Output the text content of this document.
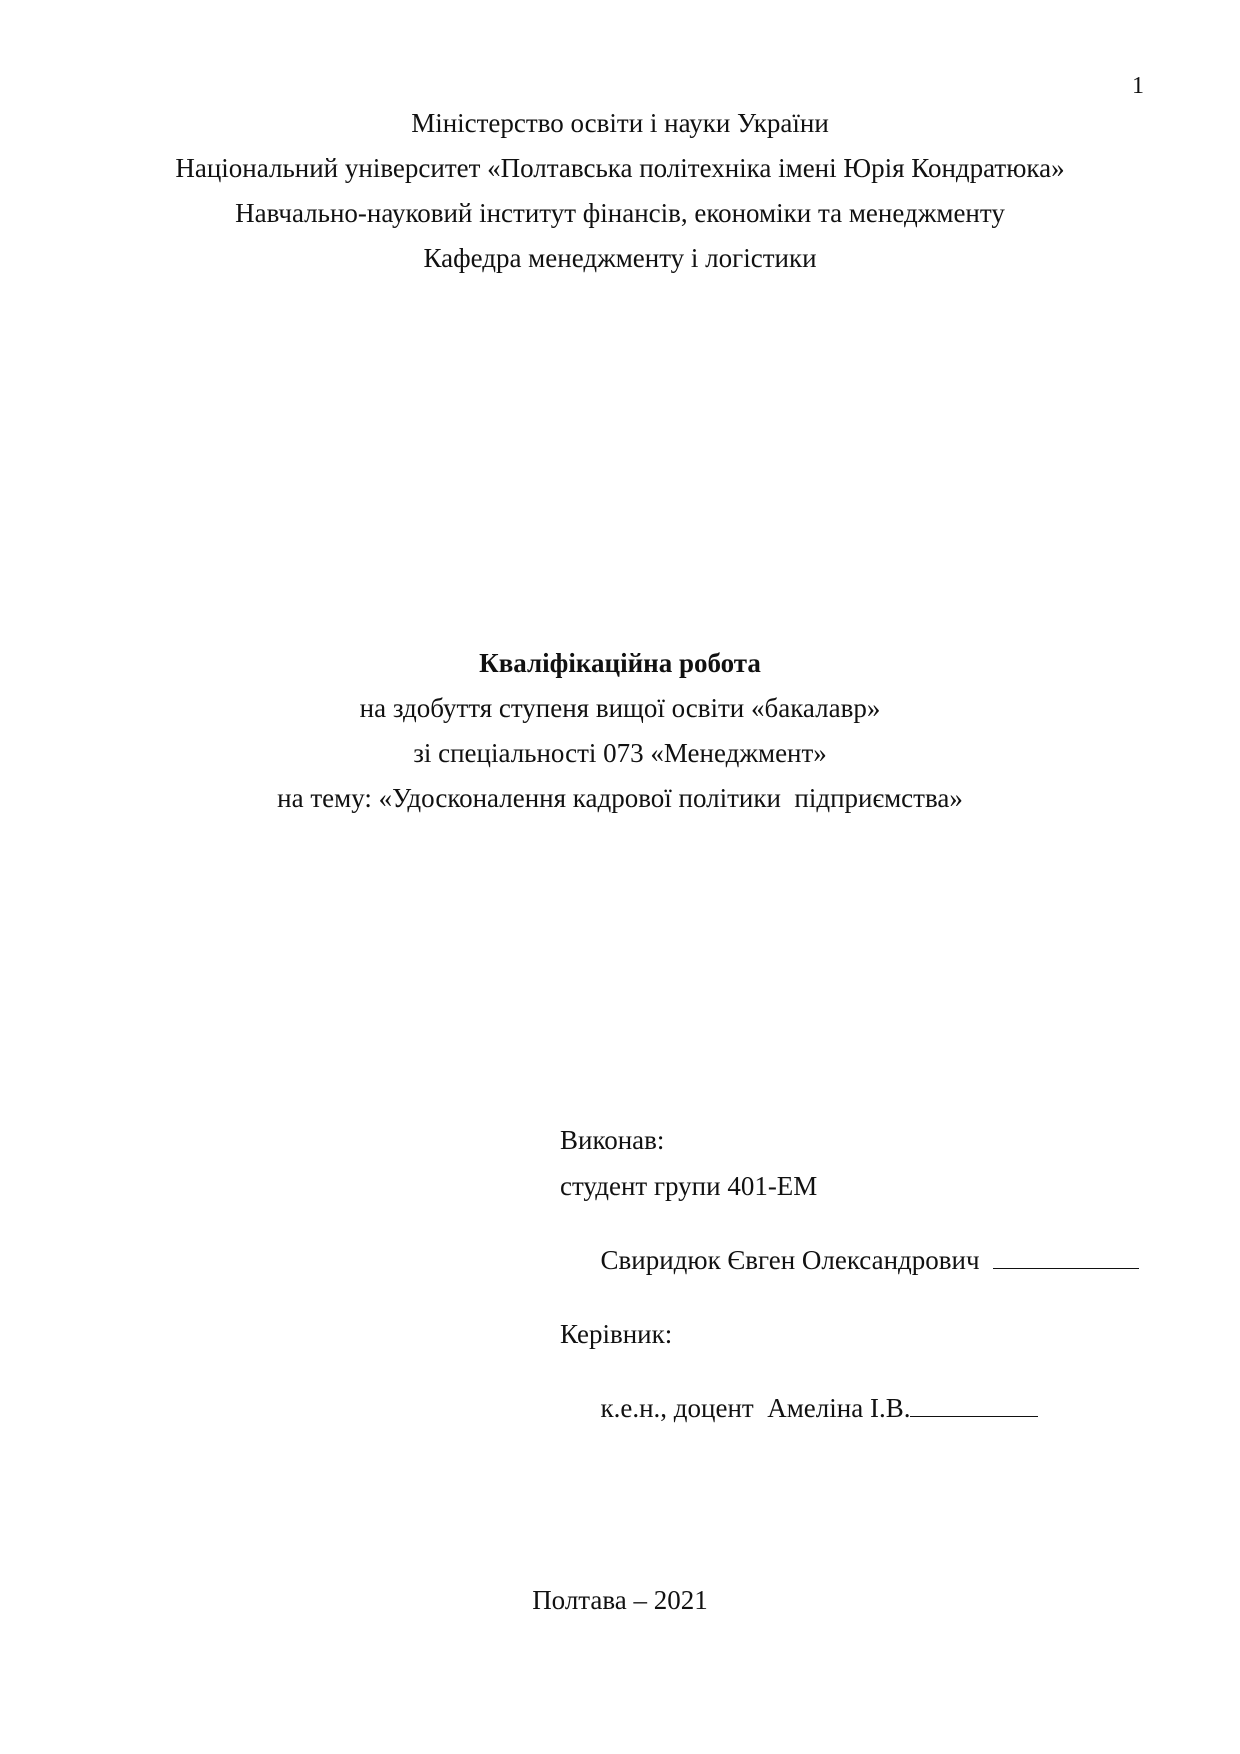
1
Міністерство освіти і науки України
Національний університет «Полтавська політехніка імені Юрія Кондратюка»
Навчально-науковий інститут фінансів, економіки та менеджменту
Кафедра менеджменту і логістики
Кваліфікаційна робота
на здобуття ступеня вищої освіти «бакалавр»
зі спеціальності 073 «Менеджмент»
на тему: «Удосконалення кадрової політики  підприємства»
Виконав:
студент групи 401-ЕМ

Свиридюк Євген Олександрович

Керівник:

к.е.н., доцент  Амеліна І.В.

Полтава – 2021
